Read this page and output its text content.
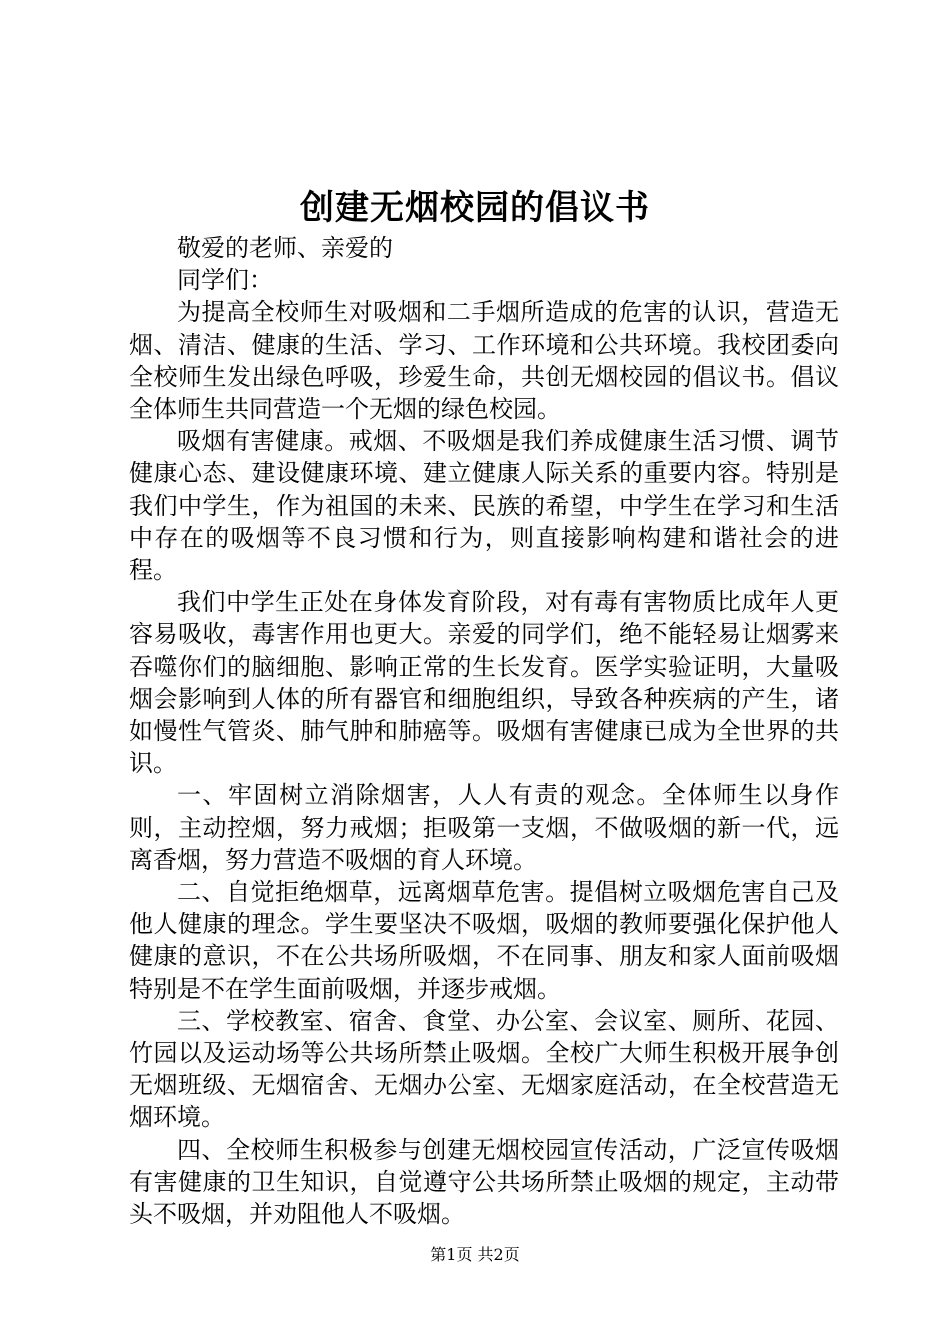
创建无烟校园的倡议书

敬爱的老师、亲爱的

同学们：

为提高全校师生对吸烟和二手烟所造成的危害的认识，营造无烟、清洁、健康的生活、学习、工作环境和公共环境。我校团委向全校师生发出绿色呼吸，珍爱生命，共创无烟校园的倡议书。倡议全体师生共同营造一个无烟的绿色校园。

吸烟有害健康。戒烟、不吸烟是我们养成健康生活习惯、调节健康心态、建设健康环境、建立健康人际关系的重要内容。特别是我们中学生，作为祖国的未来、民族的希望，中学生在学习和生活中存在的吸烟等不良习惯和行为，则直接影响构建和谐社会的进程。

我们中学生正处在身体发育阶段，对有毒有害物质比成年人更容易吸收，毒害作用也更大。亲爱的同学们，绝不能轻易让烟雾来吞噬你们的脑细胞、影响正常的生长发育。医学实验证明，大量吸烟会影响到人体的所有器官和细胞组织，导致各种疾病的产生，诸如慢性气管炎、肺气肿和肺癌等。吸烟有害健康已成为全世界的共识。

一、牢固树立消除烟害，人人有责的观念。全体师生以身作则，主动控烟，努力戒烟；拒吸第一支烟，不做吸烟的新一代，远离香烟，努力营造不吸烟的育人环境。

二、自觉拒绝烟草，远离烟草危害。提倡树立吸烟危害自己及他人健康的理念。学生要坚决不吸烟，吸烟的教师要强化保护他人健康的意识，不在公共场所吸烟，不在同事、朋友和家人面前吸烟特别是不在学生面前吸烟，并逐步戒烟。

三、学校教室、宿舍、食堂、办公室、会议室、厕所、花园、竹园以及运动场等公共场所禁止吸烟。全校广大师生积极开展争创无烟班级、无烟宿舍、无烟办公室、无烟家庭活动，在全校营造无烟环境。

四、全校师生积极参与创建无烟校园宣传活动，广泛宣传吸烟有害健康的卫生知识，自觉遵守公共场所禁止吸烟的规定，主动带头不吸烟，并劝阻他人不吸烟。

第1页 共2页
